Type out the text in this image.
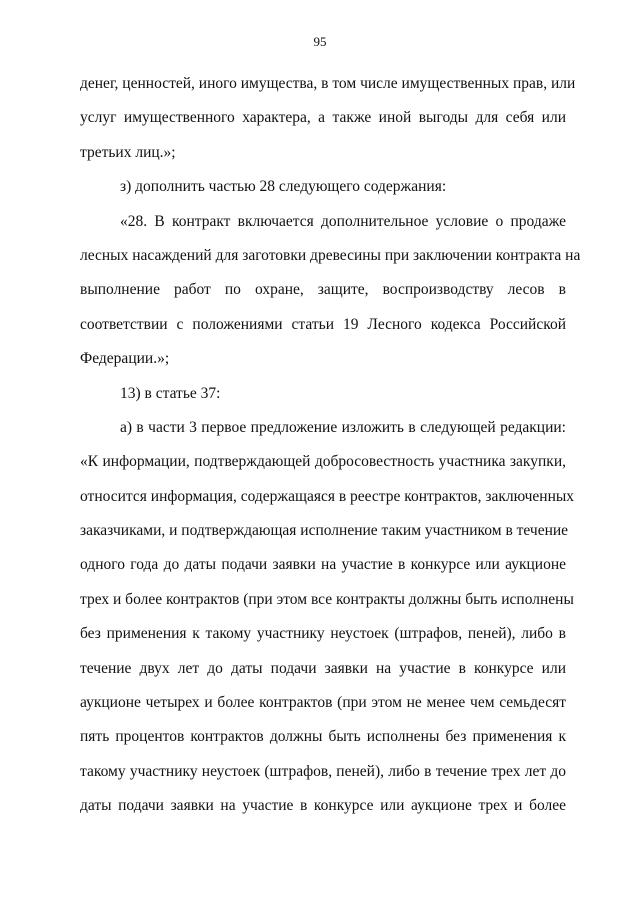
95
денег, ценностей, иного имущества, в том числе имущественных прав, или
услуг имущественного характера, а также иной выгоды для себя или
третьих лиц.»;
з) дополнить частью 28 следующего содержания:
«28. В контракт включается дополнительное условие о продаже
лесных насаждений для заготовки древесины при заключении контракта на
выполнение работ по охране, защите, воспроизводству лесов в
соответствии с положениями статьи 19 Лесного кодекса Российской
Федерации.»;
13) в статье 37:
а) в части 3 первое предложение изложить в следующей редакции:
«К информации, подтверждающей добросовестность участника закупки,
относится информация, содержащаяся в реестре контрактов, заключенных
заказчиками, и подтверждающая исполнение таким участником в течение
одного года до даты подачи заявки на участие в конкурсе или аукционе
трех и более контрактов (при этом все контракты должны быть исполнены
без применения к такому участнику неустоек (штрафов, пеней), либо в
течение двух лет до даты подачи заявки на участие в конкурсе или
аукционе четырех и более контрактов (при этом не менее чем семьдесят
пять процентов контрактов должны быть исполнены без применения к
такому участнику неустоек (штрафов, пеней), либо в течение трех лет до
даты подачи заявки на участие в конкурсе или аукционе трех и более
